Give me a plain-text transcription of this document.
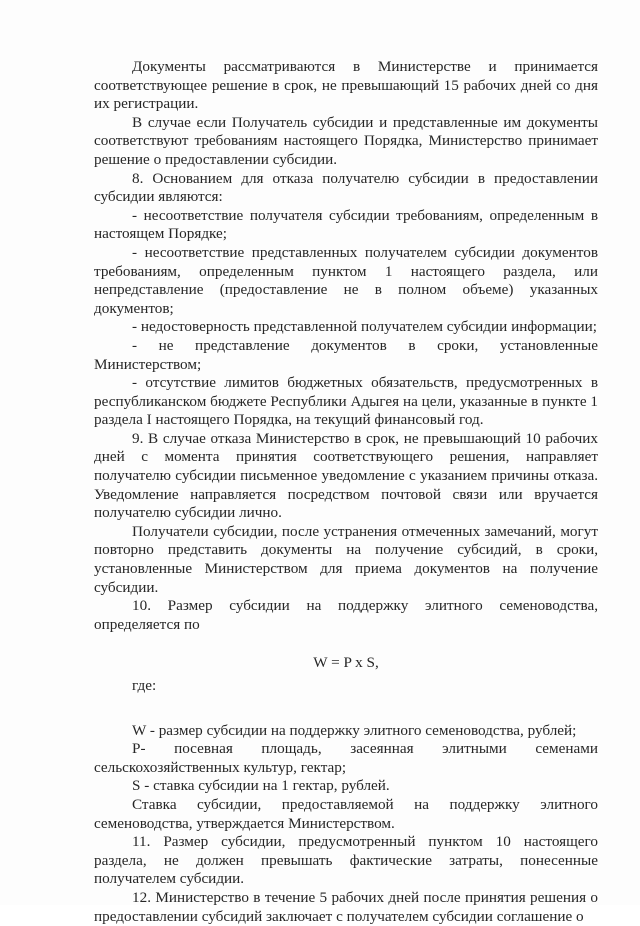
Документы рассматриваются в Министерстве и принимается соответствующее решение в срок, не превышающий 15 рабочих дней со дня их регистрации.

В случае если Получатель субсидии и представленные им документы соответствуют требованиям настоящего Порядка, Министерство принимает решение о предоставлении субсидии.

8. Основанием для отказа получателю субсидии в предоставлении субсидии являются:

- несоответствие получателя субсидии требованиям, определенным в настоящем Порядке;

- несоответствие представленных получателем субсидии документов требованиям, определенным пунктом 1 настоящего раздела, или непредставление (предоставление не в полном объеме) указанных документов;

- недостоверность представленной получателем субсидии информации;

- не представление документов в сроки, установленные Министерством;

- отсутствие лимитов бюджетных обязательств, предусмотренных в республиканском бюджете Республики Адыгея на цели, указанные в пункте 1 раздела I настоящего Порядка, на текущий финансовый год.

9. В случае отказа Министерство в срок, не превышающий 10 рабочих дней с момента принятия соответствующего решения, направляет получателю субсидии письменное уведомление с указанием причины отказа. Уведомление направляется посредством почтовой связи или вручается получателю субсидии лично.

Получатели субсидии, после устранения отмеченных замечаний, могут повторно представить документы на получение субсидий, в сроки, установленные Министерством для приема документов на получение субсидии.

10. Размер субсидии на поддержку элитного семеноводства, определяется по

W = P x S,

где:

W - размер субсидии на поддержку элитного семеноводства, рублей;

P- посевная площадь, засеянная элитными семенами сельскохозяйственных культур, гектар;

S - ставка субсидии на 1 гектар, рублей.

Ставка субсидии, предоставляемой на поддержку элитного семеноводства, утверждается Министерством.

11. Размер субсидии, предусмотренный пунктом 10 настоящего раздела, не должен превышать фактические затраты, понесенные получателем субсидии.

12. Министерство в течение 5 рабочих дней после принятия решения о предоставлении субсидий заключает с получателем субсидии соглашение о
